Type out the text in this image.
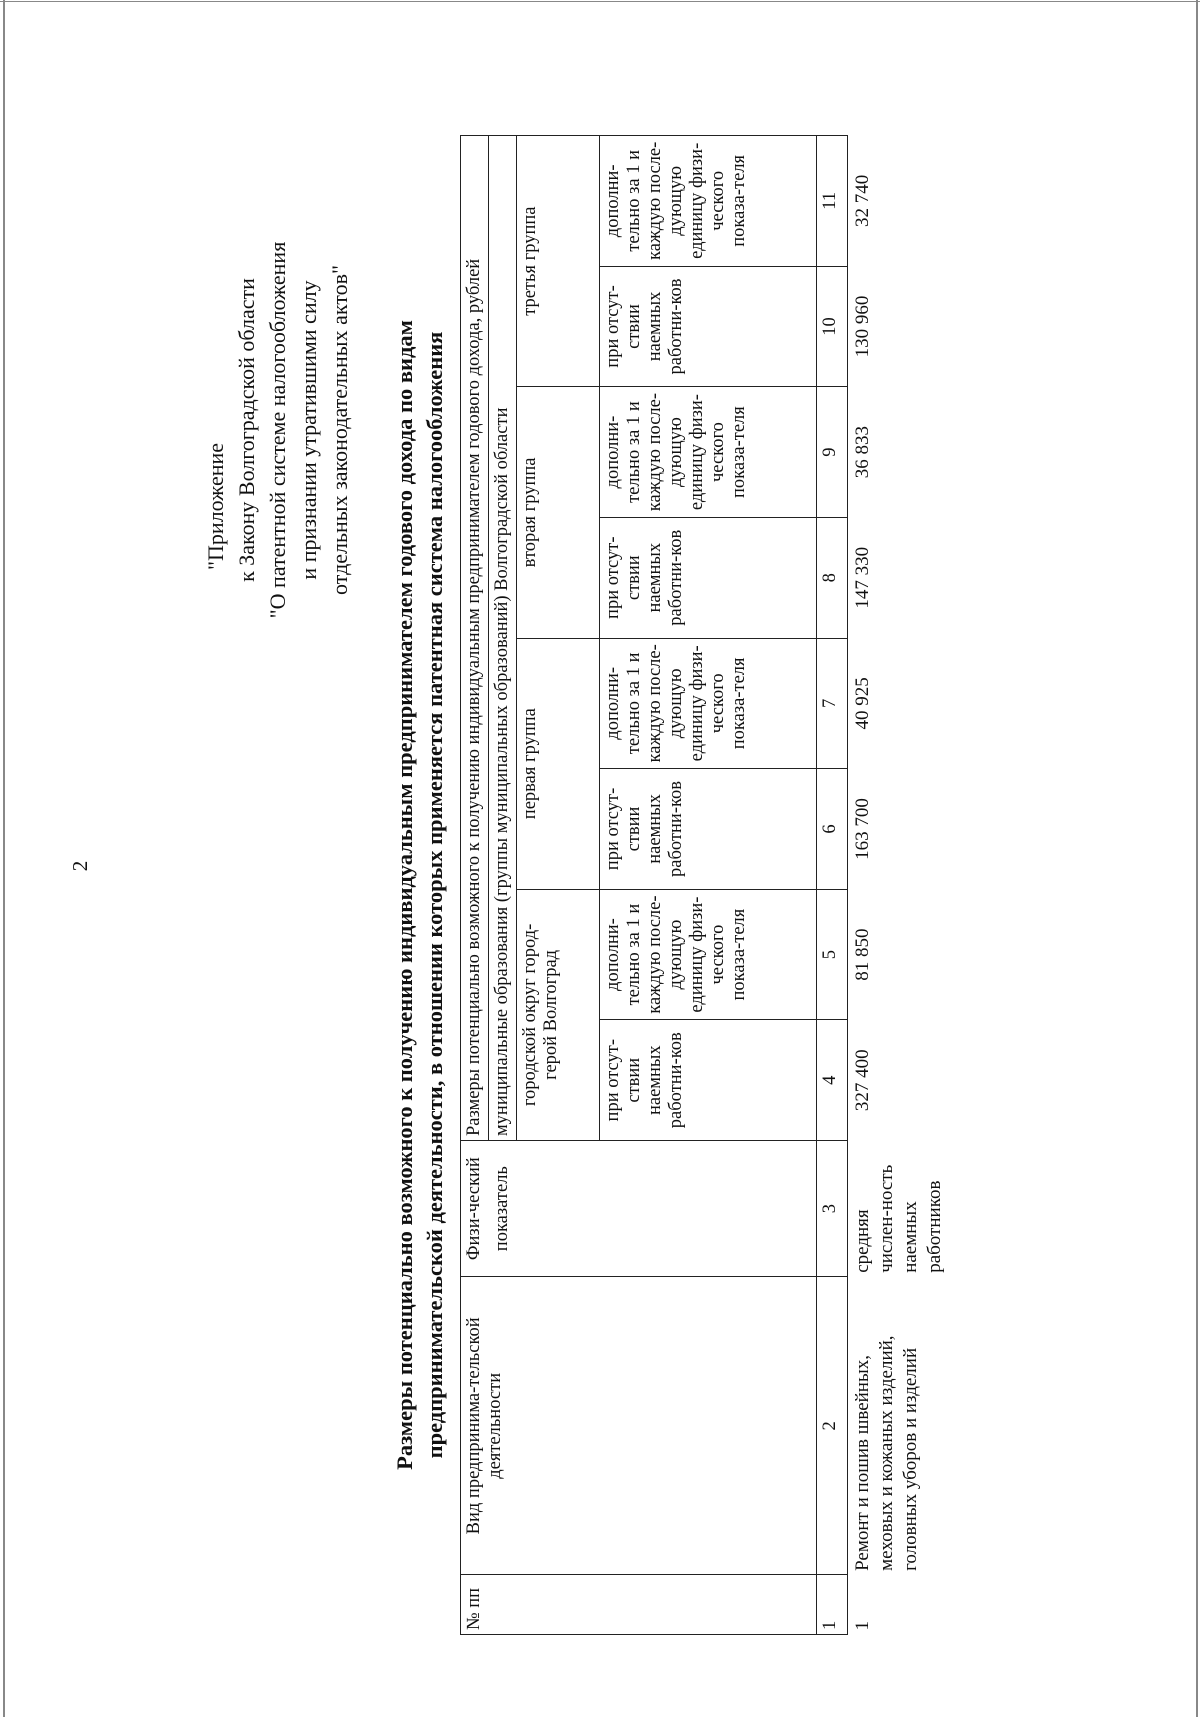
2
"Приложение к Закону Волгоградской области "О патентной системе налогообложения и признании утратившими силу отдельных законодательных актов" Размеры потенциально возможного к получению индивидуальным предпринимателем годового дохода по видам предпринимательской деятельности, в отношении которых применяется патентная система налогообложения
№ пп	Вид предпринима-тельской деятельности	Физи-ческий	Размеры потенциально возможного к получению индивидуальным предпринимателем годового дохода, рублей							
		показатель	муниципальные образования (группы муниципальных образований) Волгоградской области							
			городской округ город-герой Волгоград		первая группа		вторая группа		третья группа	
			при отсут-ствии наемных работни-ков	дополни-тельно за 1 и каждую после-дующую единицу физи-ческого показа-теля	при отсут-ствии наемных работни-ков	дополни-тельно за 1 и каждую после-дующую единицу физи-ческого показа-теля	при отсут-ствии наемных работни-ков	дополни-тельно за 1 и каждую после-дующую единицу физи-ческого показа-теля	при отсут-ствии наемных работни-ков	дополни-тельно за 1 и каждую после-дующую единицу физи-ческого показа-теля
1	2	3	4	5	6	7	8	9	10	11
1	Ремонт и пошив швейных, меховых и кожаных изделий, головных уборов и изделий	средняя числен-ность наемных работников	327 400	81 850	163 700	40 925	147 330	36 833	130 960	32 740
